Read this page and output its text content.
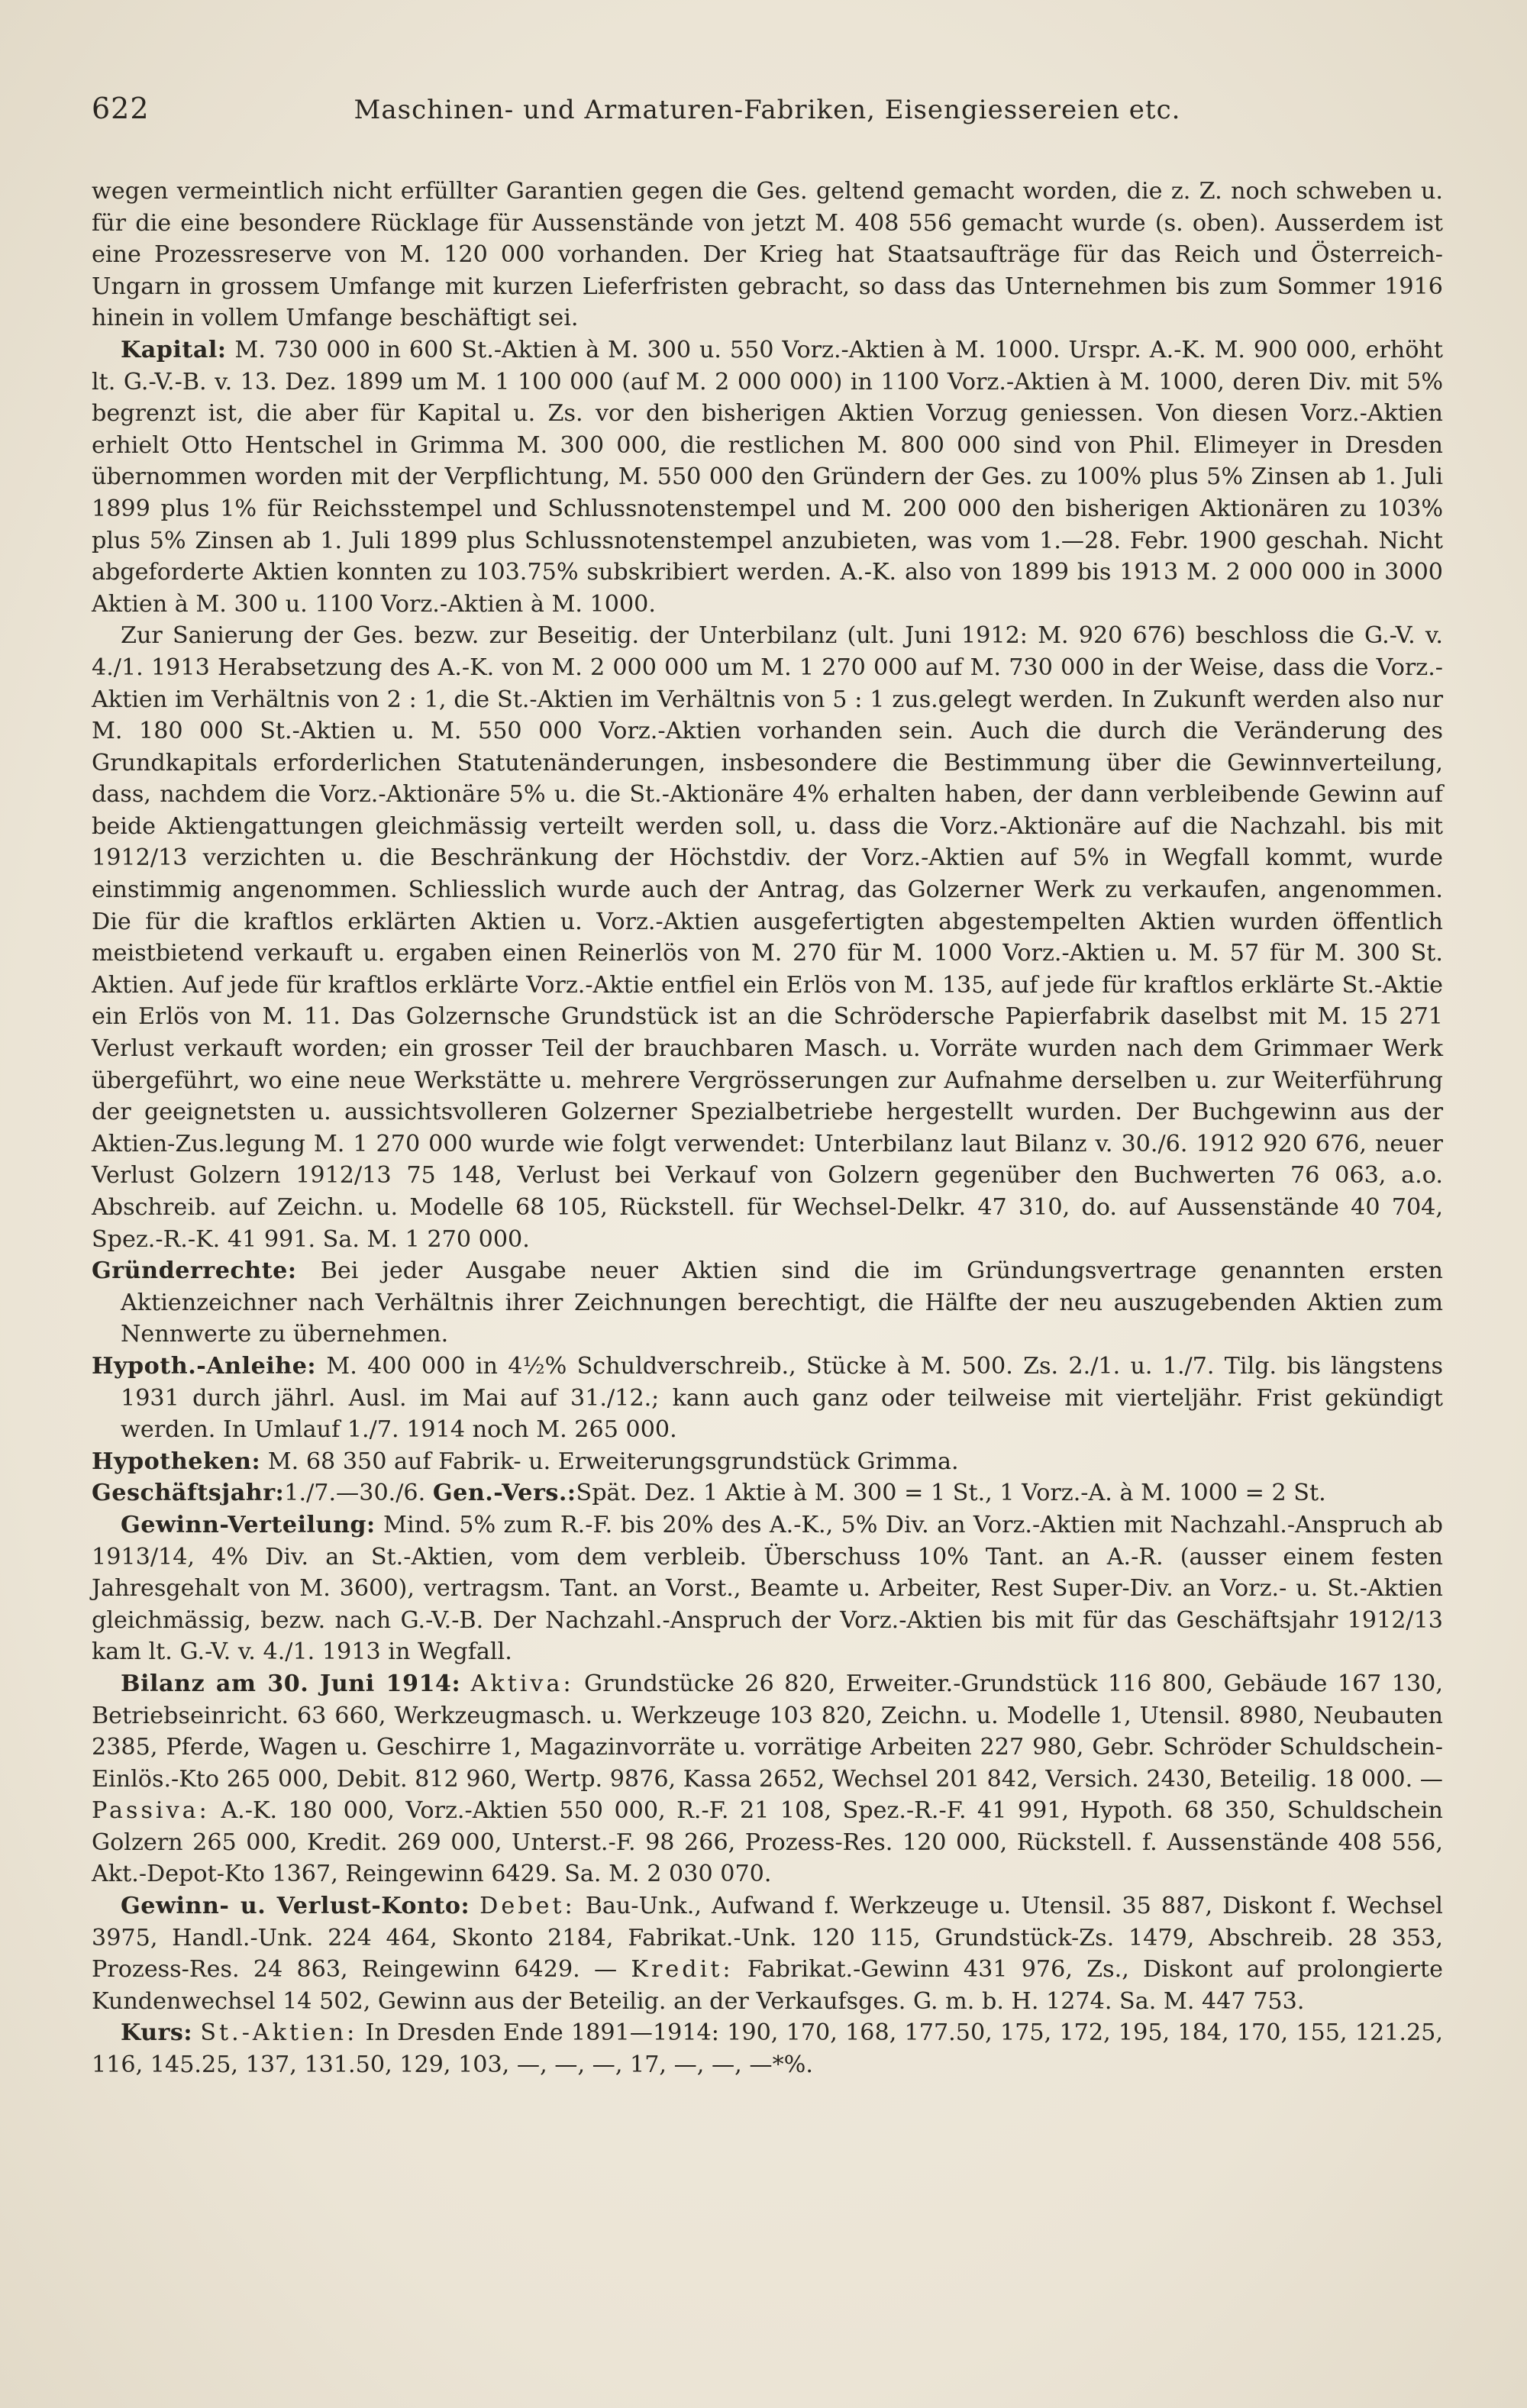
622	Maschinen- und Armaturen-Fabriken, Eisengiessereien etc.

wegen vermeintlich nicht erfüllter Garantien gegen die Ges. geltend gemacht worden, die z. Z. noch schweben u. für die eine besondere Rücklage für Aussenstände von jetzt M. 408 556 gemacht wurde (s. oben). Ausserdem ist eine Prozessreserve von M. 120 000 vorhanden. Der Krieg hat Staatsaufträge für das Reich und Österreich-Ungarn in grossem Umfange mit kurzen Lieferfristen gebracht, so dass das Unternehmen bis zum Sommer 1916 hinein in vollem Umfange beschäftigt sei.

Kapital: M. 730 000 in 600 St.-Aktien à M. 300 u. 550 Vorz.-Aktien à M. 1000. Urspr. A.-K. M. 900 000, erhöht lt. G.-V.-B. v. 13. Dez. 1899 um M. 1 100 000 (auf M. 2 000 000) in 1100 Vorz.-Aktien à M. 1000, deren Div. mit 5% begrenzt ist, die aber für Kapital u. Zs. vor den bisherigen Aktien Vorzug geniessen. Von diesen Vorz.-Aktien erhielt Otto Hentschel in Grimma M. 300 000, die restlichen M. 800 000 sind von Phil. Elimeyer in Dresden übernommen worden mit der Verpflichtung, M. 550 000 den Gründern der Ges. zu 100% plus 5% Zinsen ab 1. Juli 1899 plus 1% für Reichsstempel und Schlussnotenstempel und M. 200 000 den bisherigen Aktionären zu 103% plus 5% Zinsen ab 1. Juli 1899 plus Schlussnotenstempel anzubieten, was vom 1.—28. Febr. 1900 geschah. Nicht abgeforderte Aktien konnten zu 103.75% subskribiert werden. A.-K. also von 1899 bis 1913 M. 2 000 000 in 3000 Aktien à M. 300 u. 1100 Vorz.-Aktien à M. 1000.

Zur Sanierung der Ges. bezw. zur Beseitig. der Unterbilanz (ult. Juni 1912: M. 920 676) beschloss die G.-V. v. 4./1. 1913 Herabsetzung des A.-K. von M. 2 000 000 um M. 1 270 000 auf M. 730 000 in der Weise, dass die Vorz.-Aktien im Verhältnis von 2 : 1, die St.-Aktien im Verhältnis von 5 : 1 zus.gelegt werden. In Zukunft werden also nur M. 180 000 St.-Aktien u. M. 550 000 Vorz.-Aktien vorhanden sein. Auch die durch die Veränderung des Grundkapitals erforderlichen Statutenänderungen, insbesondere die Bestimmung über die Gewinnverteilung, dass, nachdem die Vorz.-Aktionäre 5% u. die St.-Aktionäre 4% erhalten haben, der dann verbleibende Gewinn auf beide Aktiengattungen gleichmässig verteilt werden soll, u. dass die Vorz.-Aktionäre auf die Nachzahl. bis mit 1912/13 verzichten u. die Beschränkung der Höchstdiv. der Vorz.-Aktien auf 5% in Wegfall kommt, wurde einstimmig angenommen. Schliesslich wurde auch der Antrag, das Golzerner Werk zu verkaufen, angenommen. Die für die kraftlos erklärten Aktien u. Vorz.-Aktien ausgefertigten abgestempelten Aktien wurden öffentlich meistbietend verkauft u. ergaben einen Reinerlös von M. 270 für M. 1000 Vorz.-Aktien u. M. 57 für M. 300 St. Aktien. Auf jede für kraftlos erklärte Vorz.-Aktie entfiel ein Erlös von M. 135, auf jede für kraftlos erklärte St.-Aktie ein Erlös von M. 11. Das Golzernsche Grundstück ist an die Schrödersche Papierfabrik daselbst mit M. 15 271 Verlust verkauft worden; ein grosser Teil der brauchbaren Masch. u. Vorräte wurden nach dem Grimmaer Werk übergeführt, wo eine neue Werkstätte u. mehrere Vergrösserungen zur Aufnahme derselben u. zur Weiterführung der geeignetsten u. aussichtsvolleren Golzerner Spezialbetriebe hergestellt wurden. Der Buchgewinn aus der Aktien-Zus.legung M. 1 270 000 wurde wie folgt verwendet: Unterbilanz laut Bilanz v. 30./6. 1912 920 676, neuer Verlust Golzern 1912/13 75 148, Verlust bei Verkauf von Golzern gegenüber den Buchwerten 76 063, a.o. Abschreib. auf Zeichn. u. Modelle 68 105, Rückstell. für Wechsel-Delkr. 47 310, do. auf Aussenstände 40 704, Spez.-R.-K. 41 991. Sa. M. 1 270 000.

Gründerrechte: Bei jeder Ausgabe neuer Aktien sind die im Gründungsvertrage genannten ersten Aktienzeichner nach Verhältnis ihrer Zeichnungen berechtigt, die Hälfte der neu auszugebenden Aktien zum Nennwerte zu übernehmen.

Hypoth.-Anleihe: M. 400 000 in 4½% Schuldverschreib., Stücke à M. 500. Zs. 2./1. u. 1./7. Tilg. bis längstens 1931 durch jährl. Ausl. im Mai auf 31./12.; kann auch ganz oder teilweise mit vierteljähr. Frist gekündigt werden. In Umlauf 1./7. 1914 noch M. 265 000.

Hypotheken: M. 68 350 auf Fabrik- u. Erweiterungsgrundstück Grimma.

Geschäftsjahr:1./7.—30./6. Gen.-Vers.:Spät. Dez. 1 Aktie à M. 300 = 1 St., 1 Vorz.-A. à M. 1000 = 2 St.

Gewinn-Verteilung: Mind. 5% zum R.-F. bis 20% des A.-K., 5% Div. an Vorz.-Aktien mit Nachzahl.-Anspruch ab 1913/14, 4% Div. an St.-Aktien, vom dem verbleib. Überschuss 10% Tant. an A.-R. (ausser einem festen Jahresgehalt von M. 3600), vertragsm. Tant. an Vorst., Beamte u. Arbeiter, Rest Super-Div. an Vorz.- u. St.-Aktien gleichmässig, bezw. nach G.-V.-B. Der Nachzahl.-Anspruch der Vorz.-Aktien bis mit für das Geschäftsjahr 1912/13 kam lt. G.-V. v. 4./1. 1913 in Wegfall.

Bilanz am 30. Juni 1914: Aktiva: Grundstücke 26 820, Erweiter.-Grundstück 116 800, Gebäude 167 130, Betriebseinricht. 63 660, Werkzeugmasch. u. Werkzeuge 103 820, Zeichn. u. Modelle 1, Utensil. 8980, Neubauten 2385, Pferde, Wagen u. Geschirre 1, Magazinvorräte u. vorrätige Arbeiten 227 980, Gebr. Schröder Schuldschein-Einlös.-Kto 265 000, Debit. 812 960, Wertp. 9876, Kassa 2652, Wechsel 201 842, Versich. 2430, Beteilig. 18 000. — Passiva: A.-K. 180 000, Vorz.-Aktien 550 000, R.-F. 21 108, Spez.-R.-F. 41 991, Hypoth. 68 350, Schuldschein Golzern 265 000, Kredit. 269 000, Unterst.-F. 98 266, Prozess-Res. 120 000, Rückstell. f. Aussenstände 408 556, Akt.-Depot-Kto 1367, Reingewinn 6429. Sa. M. 2 030 070.

Gewinn- u. Verlust-Konto: Debet: Bau-Unk., Aufwand f. Werkzeuge u. Utensil. 35 887, Diskont f. Wechsel 3975, Handl.-Unk. 224 464, Skonto 2184, Fabrikat.-Unk. 120 115, Grundstück-Zs. 1479, Abschreib. 28 353, Prozess-Res. 24 863, Reingewinn 6429. — Kredit: Fabrikat.-Gewinn 431 976, Zs., Diskont auf prolongierte Kundenwechsel 14 502, Gewinn aus der Beteilig. an der Verkaufsges. G. m. b. H. 1274. Sa. M. 447 753.

Kurs: St.-Aktien: In Dresden Ende 1891—1914: 190, 170, 168, 177.50, 175, 172, 195, 184, 170, 155, 121.25, 116, 145.25, 137, 131.50, 129, 103, —, —, —, 17, —, —, —*%.
